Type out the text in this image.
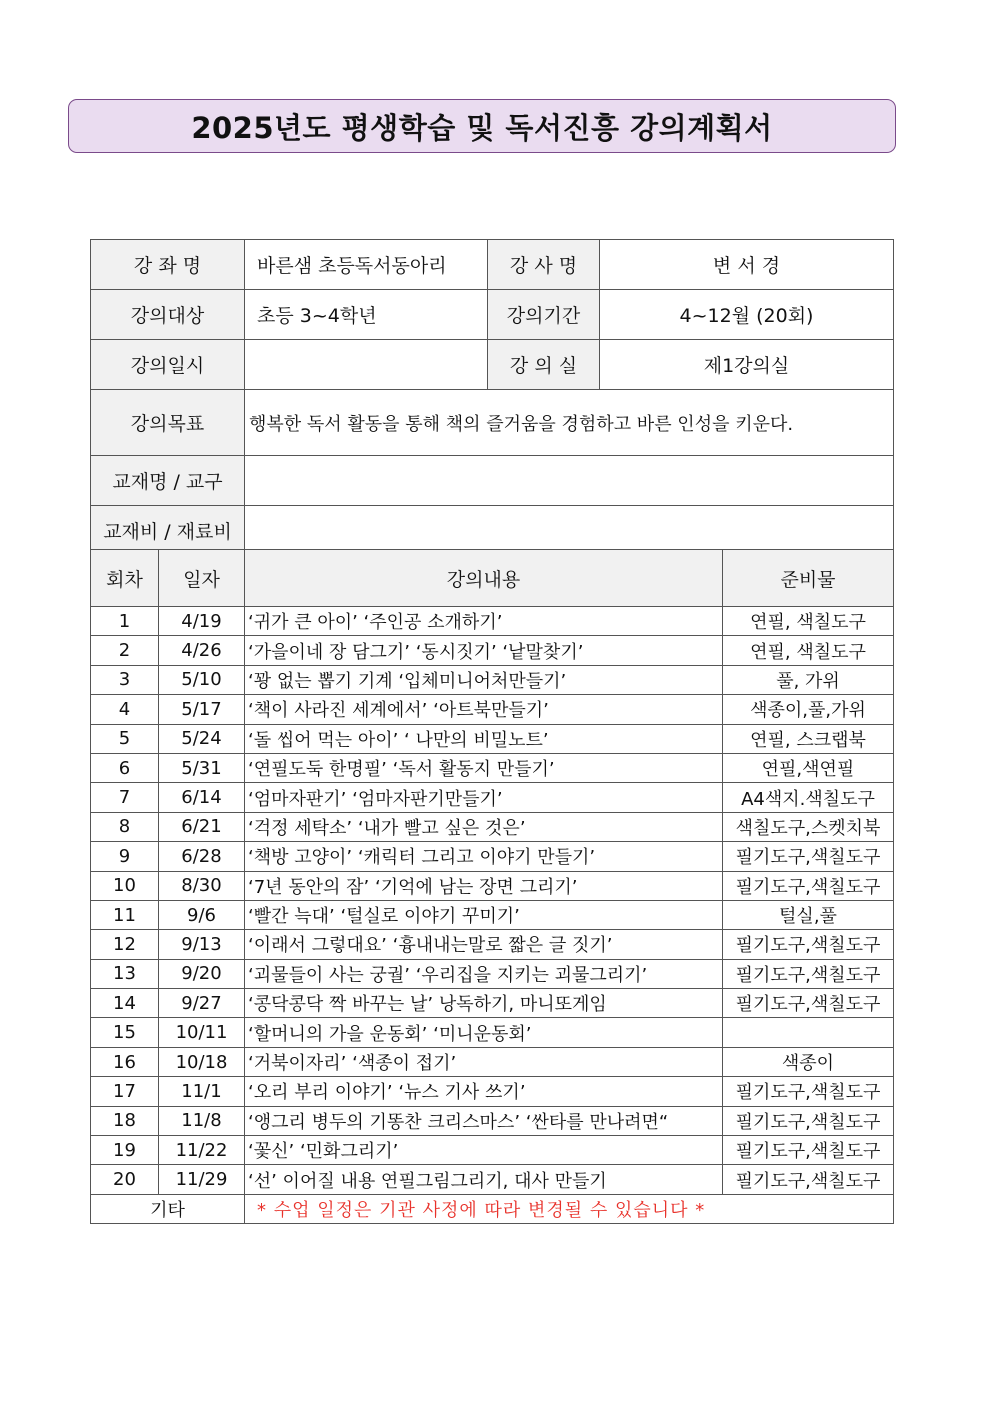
2025년도 평생학습 및 독서진흥 강의계획서
강 좌 명	바른샘 초등독서동아리	강 사 명	변 서 경
강의대상	초등 3~4학년	강의기간	4~12월 (20회)
강의일시		강 의 실	제1강의실
강의목표	행복한 독서 활동을 통해 책의 즐거움을 경험하고 바른 인성을 키운다.		
교재명 / 교구			
교재비 / 재료비			
회차	일자	강의내용	준비물
1	4/19	‘귀가 큰 아이’ ‘주인공 소개하기’	연필, 색칠도구
2	4/26	‘가을이네 장 담그기’ ‘동시짓기’ ‘낱말찾기’	연필, 색칠도구
3	5/10	‘꽝 없는 뽑기 기계 ‘입체미니어처만들기’	풀, 가위
4	5/17	‘책이 사라진 세계에서’ ‘아트북만들기’	색종이,풀,가위
5	5/24	‘돌 씹어 먹는 아이’ ‘ 나만의 비밀노트’	연필, 스크랩북
6	5/31	‘연필도둑 한명필’ ‘독서 활동지 만들기’	연필,색연필
7	6/14	‘엄마자판기’ ‘엄마자판기만들기’	A4색지.색칠도구
8	6/21	‘걱정 세탁소’ ‘내가 빨고 싶은 것은’	색칠도구,스켓치북
9	6/28	‘책방 고양이’ ‘캐릭터 그리고 이야기 만들기’	필기도구,색칠도구
10	8/30	‘7년 동안의 잠’ ‘기억에 남는 장면 그리기’	필기도구,색칠도구
11	9/6	‘빨간 늑대’ ‘털실로 이야기 꾸미기’	털실,풀
12	9/13	‘이래서 그렇대요’ ‘흉내내는말로 짧은 글 짓기’	필기도구,색칠도구
13	9/20	‘괴물들이 사는 궁궐’ ‘우리집을 지키는 괴물그리기’	필기도구,색칠도구
14	9/27	‘콩닥콩닥 짝 바꾸는 날’ 낭독하기, 마니또게임	필기도구,색칠도구
15	10/11	‘할머니의 가을 운동회’ ‘미니운동회’	
16	10/18	‘거북이자리’ ‘색종이 접기’	색종이
17	11/1	‘오리 부리 이야기’ ‘뉴스 기사 쓰기’	필기도구,색칠도구
18	11/8	‘앵그리 병두의 기똥찬 크리스마스’ ‘싼타를 만나려면“	필기도구,색칠도구
19	11/22	‘꽃신’ ‘민화그리기’	필기도구,색칠도구
20	11/29	‘선’ 이어질 내용 연필그림그리기, 대사 만들기	필기도구,색칠도구
기타		* 수업 일정은 기관 사정에 따라 변경될 수 있습니다 *	
